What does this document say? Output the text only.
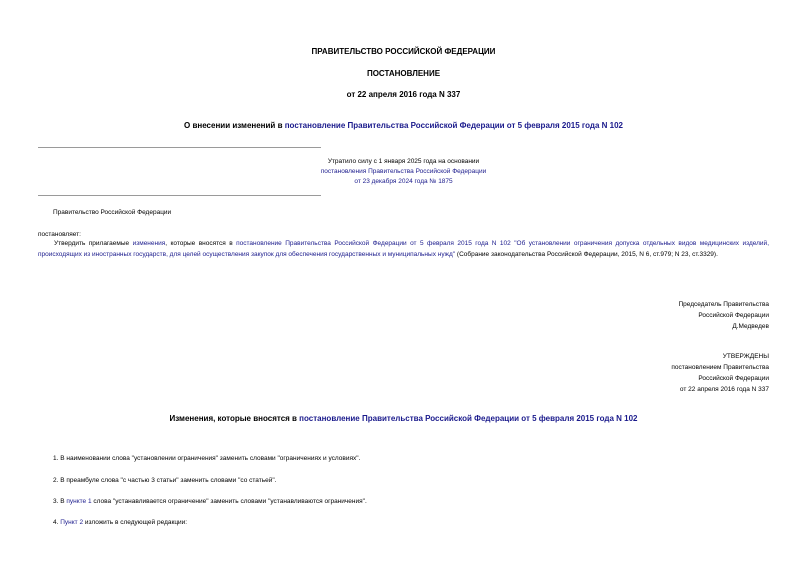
ПРАВИТЕЛЬСТВО РОССИЙСКОЙ ФЕДЕРАЦИИ
ПОСТАНОВЛЕНИЕ
от 22 апреля 2016 года N 337
О внесении изменений в постановление Правительства Российской Федерации от 5 февраля 2015 года N 102
Утратило силу с 1 января 2025 года на основании
постановления Правительства Российской Федерации
от 23 декабря 2024 года № 1875
Правительство Российской Федерации
постановляет:
Утвердить прилагаемые изменения, которые вносятся в постановление Правительства Российской Федерации от 5 февраля 2015 года N 102 "Об установлении ограничения допуска отдельных видов медицинских изделий, происходящих из иностранных государств, для целей осуществления закупок для обеспечения государственных и муниципальных нужд" (Собрание законодательства Российской Федерации, 2015, N 6, ст.979; N 23, ст.3329).
Председатель Правительства
Российской Федерации
Д.Медведев
УТВЕРЖДЕНЫ
постановлением Правительства
Российской Федерации
от 22 апреля 2016 года N 337
Изменения, которые вносятся в постановление Правительства Российской Федерации от 5 февраля 2015 года N 102
1. В наименовании слова "установлении ограничения" заменить словами "ограничениях и условиях".
2. В преамбуле слова "с частью 3 статьи" заменить словами "со статьей".
3. В пункте 1 слова "устанавливается ограничение" заменить словами "устанавливаются ограничения".
4. Пункт 2 изложить в следующей редакции:
